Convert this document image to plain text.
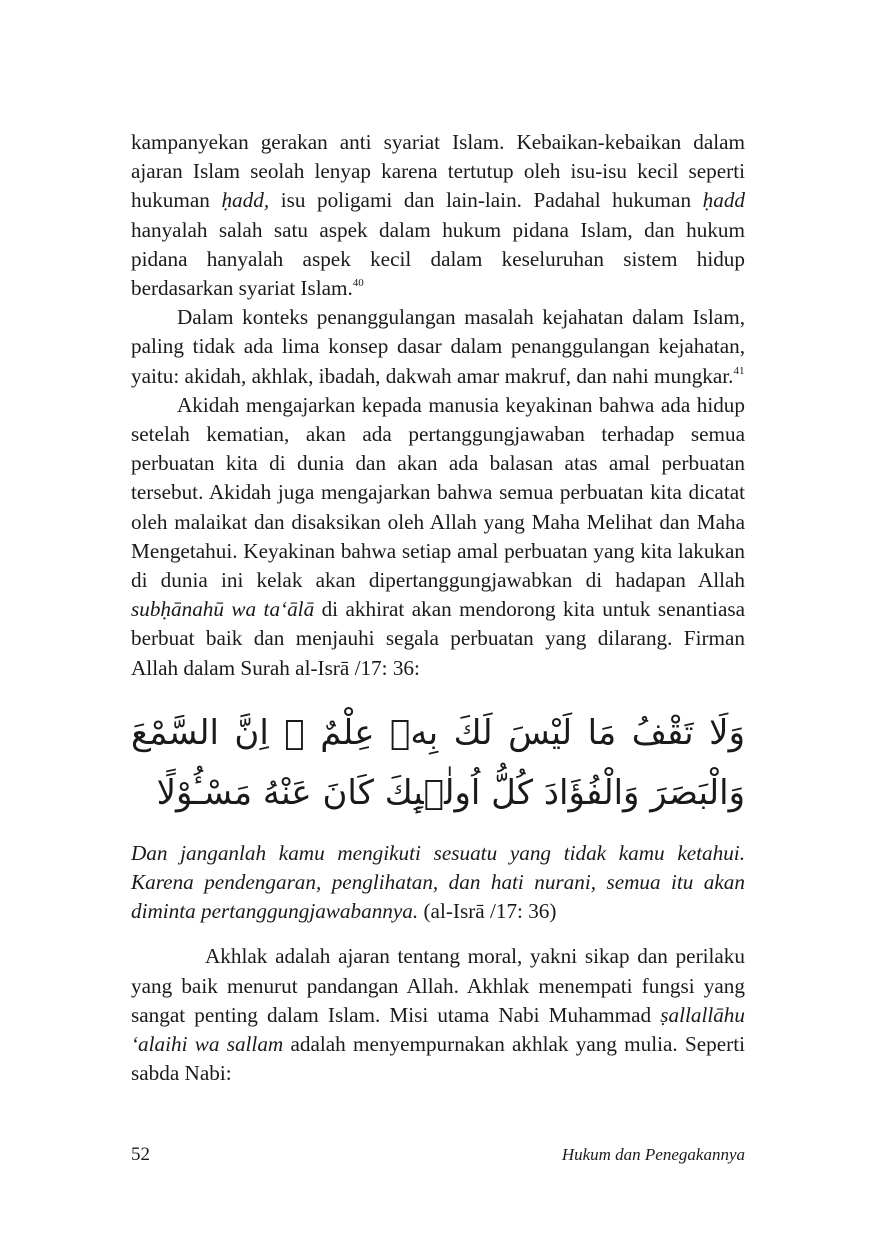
kampanyekan gerakan anti syariat Islam. Kebaikan-kebaikan dalam ajaran Islam seolah lenyap karena tertutup oleh isu-isu kecil seperti hukuman ḥadd, isu poligami dan lain-lain. Padahal hukuman ḥadd hanyalah salah satu aspek dalam hukum pidana Islam, dan hukum pidana hanyalah aspek kecil dalam keseluruhan sistem hidup berdasarkan syariat Islam.$^{40}$

Dalam konteks penanggulangan masalah kejahatan dalam Islam, paling tidak ada lima konsep dasar dalam penanggulangan kejahatan, yaitu: akidah, akhlak, ibadah, dakwah amar makruf, dan nahi mungkar.$^{41}$

Akidah mengajarkan kepada manusia keyakinan bahwa ada hidup setelah kematian, akan ada pertanggungjawaban terhadap semua perbuatan kita di dunia dan akan ada balasan atas amal perbuatan tersebut. Akidah juga mengajarkan bahwa semua perbuatan kita dicatat oleh malaikat dan disaksikan oleh Allah yang Maha Melihat dan Maha Mengetahui. Keyakinan bahwa setiap amal perbuatan yang kita lakukan di dunia ini kelak akan dipertanggungjawabkan di hadapan Allah subḥānahū wa ta‘ālā di akhirat akan mendorong kita untuk senantiasa berbuat baik dan menjauhi segala perbuatan yang dilarang. Firman Allah dalam Surah al-Isrā /17: 36:

وَلَا تَقْفُ مَا لَيْسَ لَكَ بِهٖ عِلْمٌ ۗ اِنَّ السَّمْعَ وَالْبَصَرَ وَالْفُؤَادَ كُلُّ اُولٰۤىِٕكَ كَانَ عَنْهُ مَسْـُٔوْلًا

Dan janganlah kamu mengikuti sesuatu yang tidak kamu ketahui. Karena pendengaran, penglihatan, dan hati nurani, semua itu akan diminta pertanggungjawabannya. (al-Isrā /17: 36)

Akhlak adalah ajaran tentang moral, yakni sikap dan perilaku yang baik menurut pandangan Allah. Akhlak menempati fungsi yang sangat penting dalam Islam. Misi utama Nabi Muhammad ṣallallāhu ‘alaihi wa sallam adalah menyempurnakan akhlak yang mulia. Seperti sabda Nabi:

52	Hukum dan Penegakannya
